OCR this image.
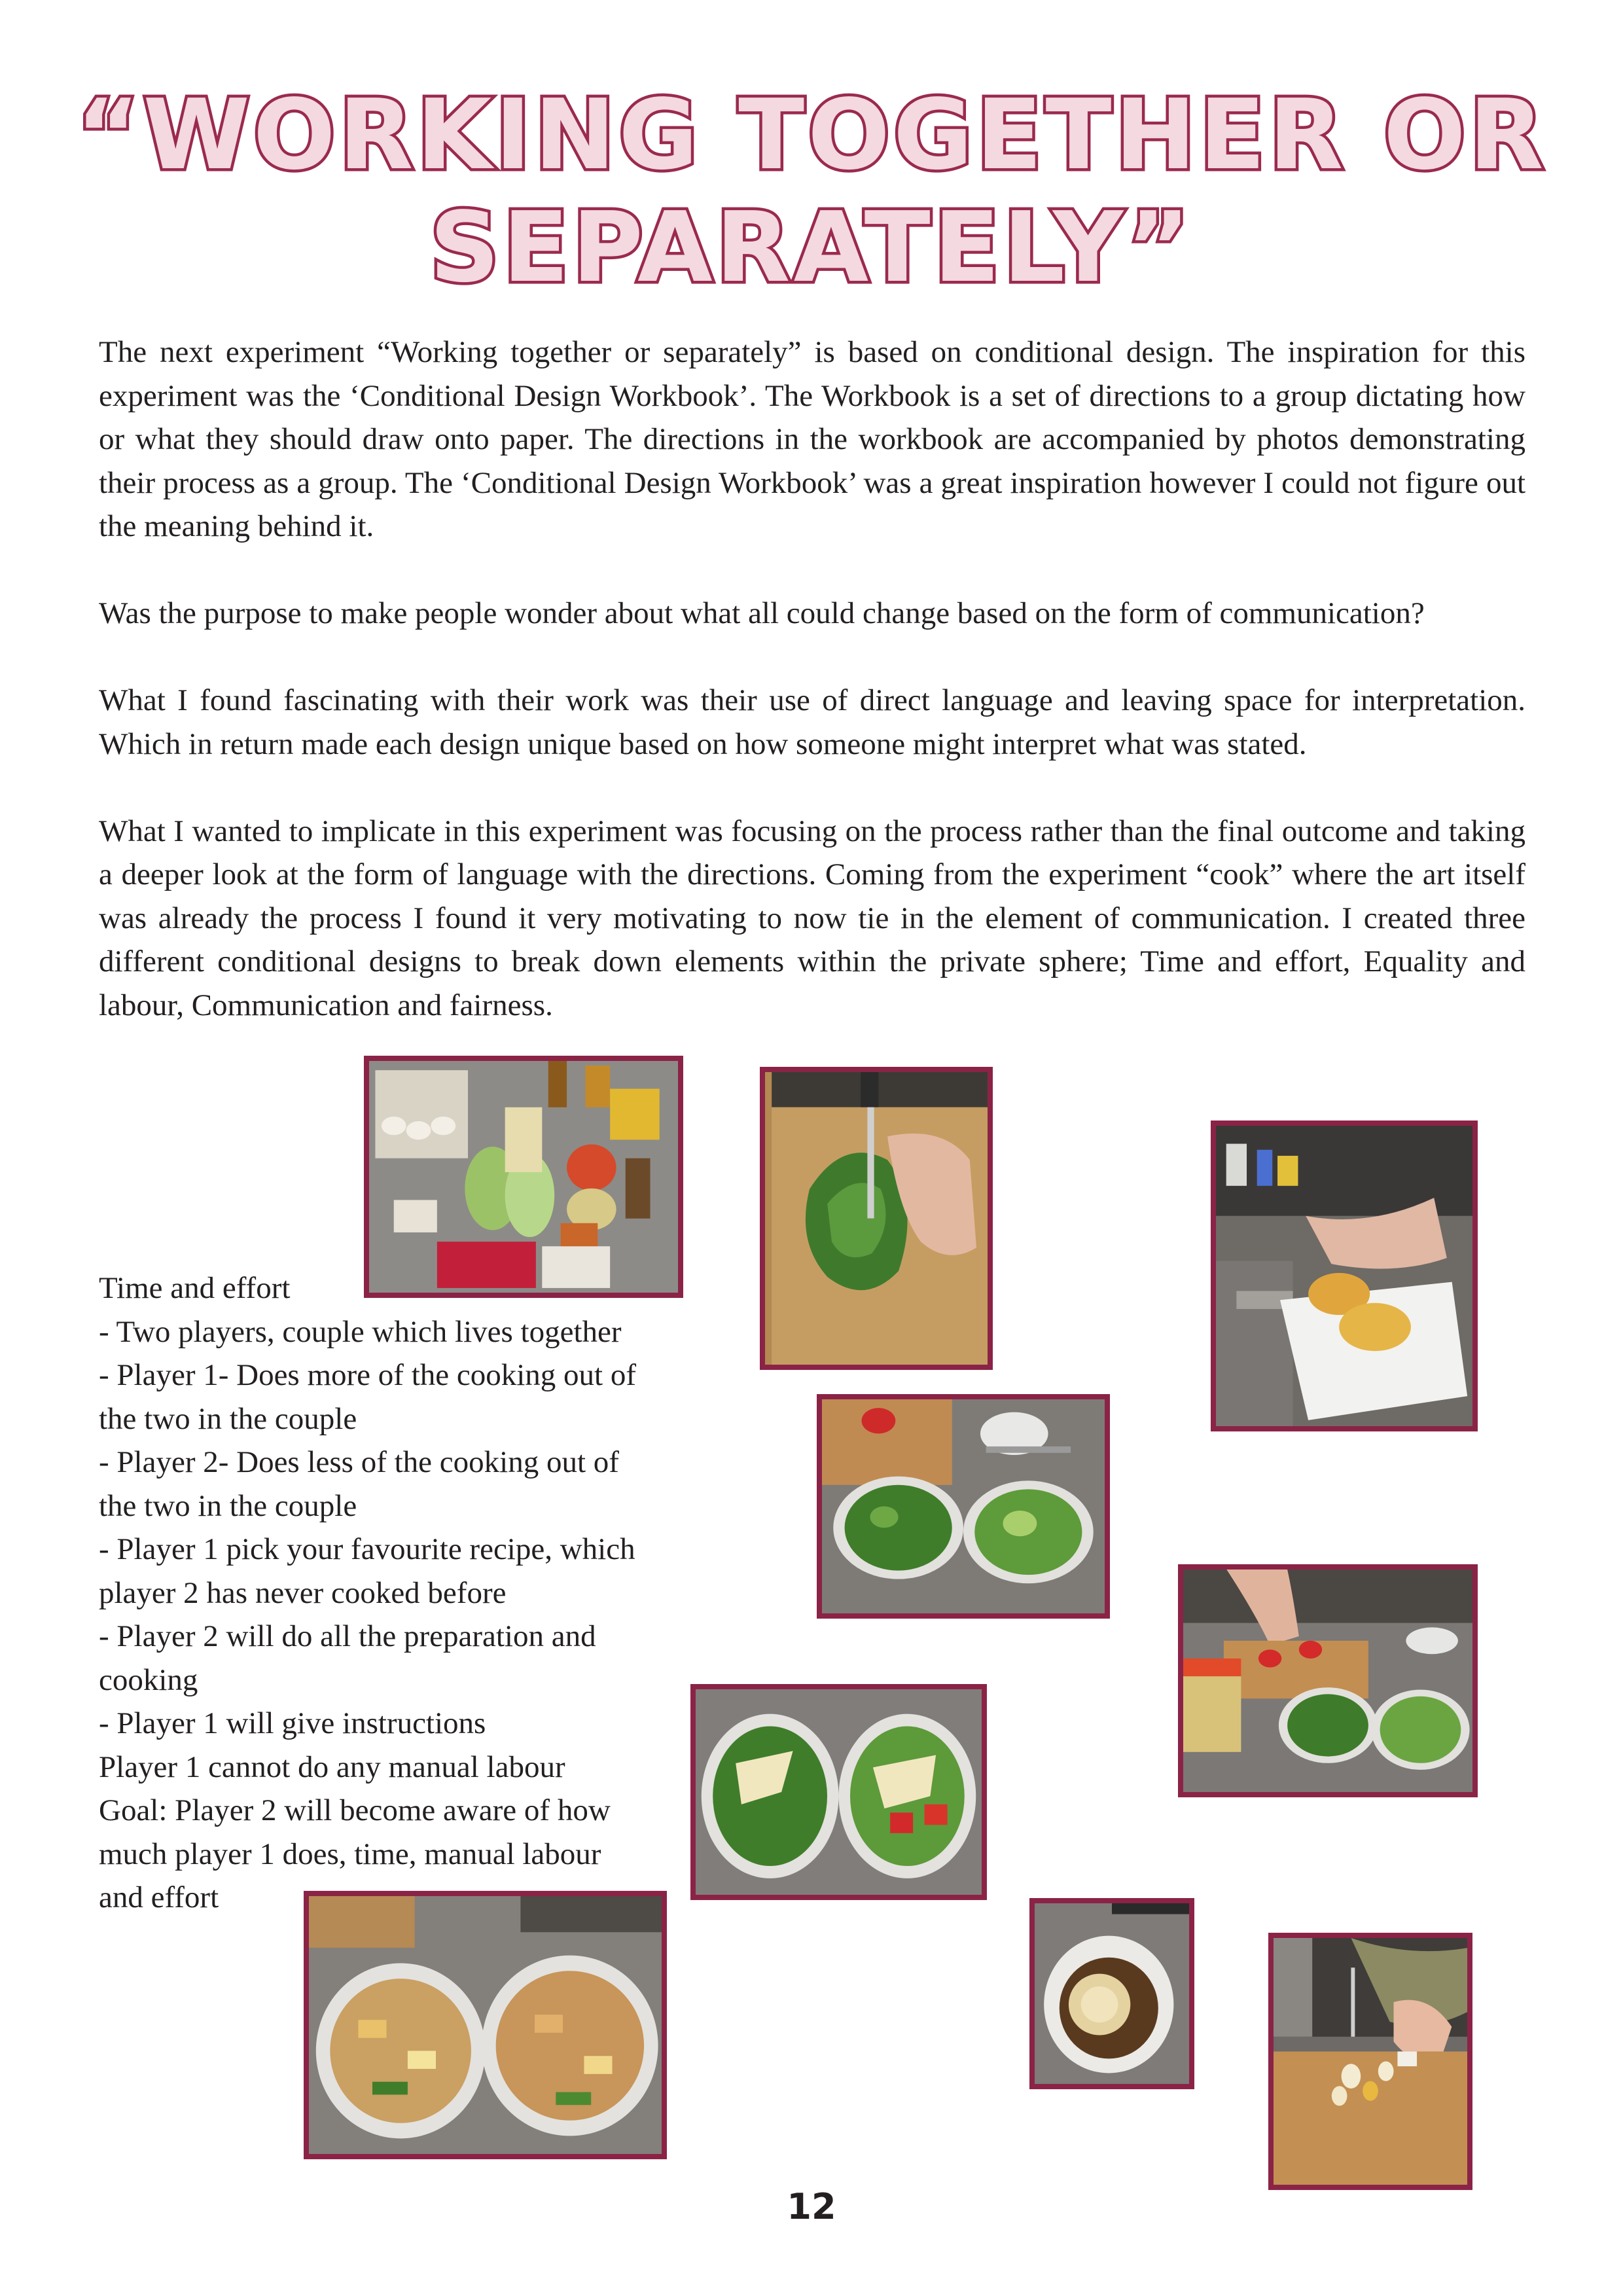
“WORKING TOGETHER OR SEPARATELY”

The next experiment “Working together or separately” is based on conditional design. The inspiration for this experiment was the ‘Conditional Design Workbook’. The Workbook is a set of directions to a group dictating how or what they should draw onto paper. The directions in the workbook are accompanied by photos demonstrating their process as a group. The ‘Conditional Design Workbook’ was a great inspiration however I could not figure out the meaning behind it.

Was the purpose to make people wonder about what all could change based on the form of communication?

What I found fascinating with their work was their use of direct language and leaving space for interpretation. Which in return made each design unique based on how someone might interpret what was stated.

What I wanted to implicate in this experiment was focusing on the process rather than the final outcome and taking a deeper look at the form of language with the directions. Coming from the experiment “cook” where the art itself was already the process I found it very motivating to now tie in the element of communication. I created three different conditional designs to break down elements within the private sphere; Time and effort, Equality and labour, Communication and fairness.

Time and effort
- Two players, couple which lives together
- Player 1- Does more of the cooking out of
the two in the couple
- Player 2- Does less of the cooking out of
the two in the couple
- Player 1 pick your favourite recipe, which
player 2 has never cooked before
- Player 2 will do all the preparation and
cooking
- Player 1 will give instructions
Player 1 cannot do any manual labour
Goal: Player 2 will become aware of how
much player 1 does, time, manual labour
and effort
12
